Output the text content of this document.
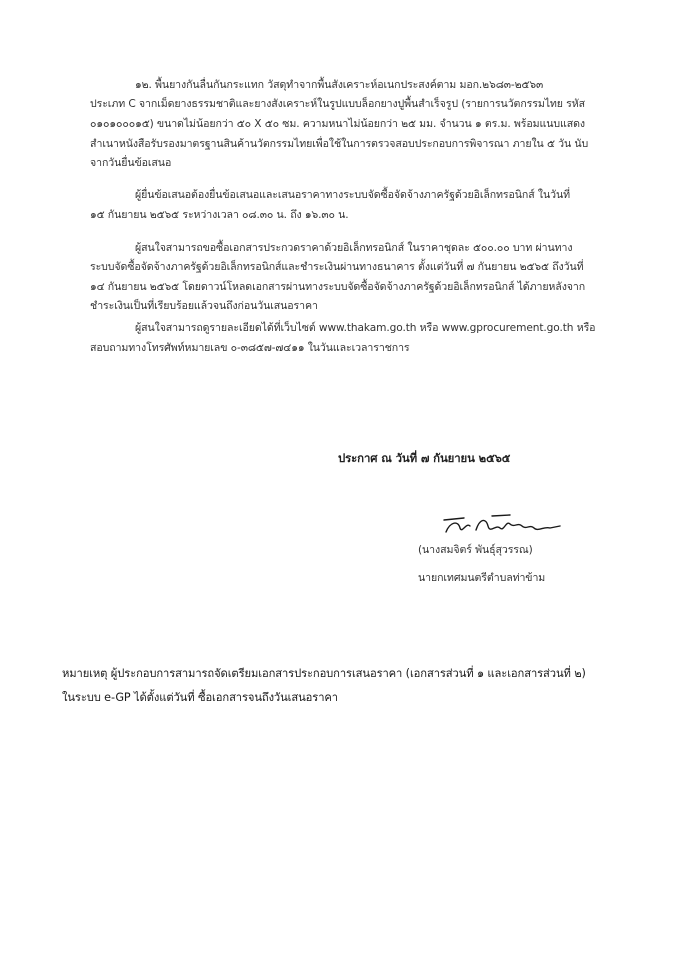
๑๒. พื้นยางกันลื่นกันกระแทก วัสดุทำจากพื้นสังเคราะห์อเนกประสงค์ตาม มอก.๒๖๘๓-๒๕๖๓
ประเภท C จากเม็ดยางธรรมชาติและยางสังเคราะห์ในรูปแบบล็อกยางปูพื้นสำเร็จรูป (รายการนวัตกรรมไทย รหัส
๐๑๐๑๐๐๐๑๕) ขนาดไม่น้อยกว่า ๕๐ X ๕๐ ซม. ความหนาไม่น้อยกว่า ๒๕ มม. จำนวน ๑ ตร.ม. พร้อมแนบแสดง
สำเนาหนังสือรับรองมาตรฐานสินค้านวัตกรรมไทยเพื่อใช้ในการตรวจสอบประกอบการพิจารณา ภายใน ๕ วัน นับ
จากวันยื่นข้อเสนอ
ผู้ยื่นข้อเสนอต้องยื่นข้อเสนอและเสนอราคาทางระบบจัดซื้อจัดจ้างภาครัฐด้วยอิเล็กทรอนิกส์ ในวันที่
๑๕ กันยายน ๒๕๖๕ ระหว่างเวลา ๐๘.๓๐ น. ถึง ๑๖.๓๐ น.
ผู้สนใจสามารถขอซื้อเอกสารประกวดราคาด้วยอิเล็กทรอนิกส์ ในราคาชุดละ ๕๐๐.๐๐ บาท ผ่านทาง
ระบบจัดซื้อจัดจ้างภาครัฐด้วยอิเล็กทรอนิกส์และชำระเงินผ่านทางธนาคาร ตั้งแต่วันที่ ๗ กันยายน ๒๕๖๕ ถึงวันที่
๑๔ กันยายน ๒๕๖๕ โดยดาวน์โหลดเอกสารผ่านทางระบบจัดซื้อจัดจ้างภาครัฐด้วยอิเล็กทรอนิกส์ ได้ภายหลังจาก
ชำระเงินเป็นที่เรียบร้อยแล้วจนถึงก่อนวันเสนอราคา
ผู้สนใจสามารถดูรายละเอียดได้ที่เว็บไซต์ www.thakam.go.th หรือ www.gprocurement.go.th หรือ
สอบถามทางโทรศัพท์หมายเลข ๐-๓๘๕๗-๗๔๑๑ ในวันและเวลาราชการ
ประกาศ ณ วันที่ ๗ กันยายน ๒๕๖๕
(นางสมจิตร์ พันธุ์สุวรรณ)
นายกเทศมนตรีตำบลท่าข้าม
หมายเหตุ ผู้ประกอบการสามารถจัดเตรียมเอกสารประกอบการเสนอราคา (เอกสารส่วนที่ ๑ และเอกสารส่วนที่ ๒)
ในระบบ e-GP ได้ตั้งแต่วันที่ ซื้อเอกสารจนถึงวันเสนอราคา
